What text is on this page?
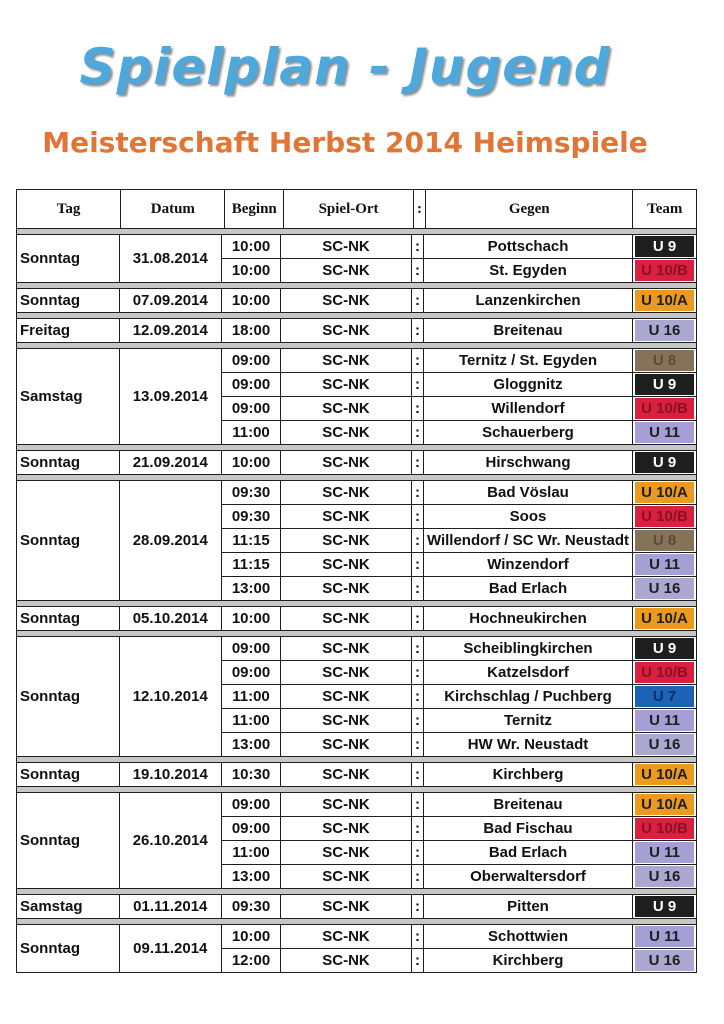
Spielplan - Jugend
Meisterschaft Herbst 2014 Heimspiele
Tag	Datum	Beginn	Spiel-Ort	:	Gegen	Team
Sonntag	31.08.2014
10:00	SC-NK	:	Pottschach	U 9
10:00	SC-NK	:	St. Egyden	U 10/B
Sonntag	07.09.2014	10:00	SC-NK	:	Lanzenkirchen	U 10/A
Freitag	12.09.2014	18:00	SC-NK	:	Breitenau	U 16
Samstag	13.09.2014
09:00	SC-NK	:	Ternitz / St. Egyden	U 8
09:00	SC-NK	:	Gloggnitz	U 9
09:00	SC-NK	:	Willendorf	U 10/B
11:00	SC-NK	:	Schauerberg	U 11
Sonntag	21.09.2014	10:00	SC-NK	:	Hirschwang	U 9
Sonntag	28.09.2014
09:30	SC-NK	:	Bad Vöslau	U 10/A
09:30	SC-NK	:	Soos	U 10/B
11:15	SC-NK	: Willendorf / SC Wr. Neustadt	U 8
11:15	SC-NK	:	Winzendorf	U 11
13:00	SC-NK	:	Bad Erlach	U 16
Sonntag	05.10.2014	10:00	SC-NK	:	Hochneukirchen	U 10/A
Sonntag	12.10.2014
09:00	SC-NK	:	Scheiblingkirchen	U 9
09:00	SC-NK	:	Katzelsdorf	U 10/B
11:00	SC-NK	:	Kirchschlag / Puchberg	U 7
11:00	SC-NK	:	Ternitz	U 11
13:00	SC-NK	:	HW Wr. Neustadt	U 16
Sonntag	19.10.2014	10:30	SC-NK	:	Kirchberg	U 10/A
Sonntag	26.10.2014
09:00	SC-NK	:	Breitenau	U 10/A
09:00	SC-NK	:	Bad Fischau	U 10/B
11:00	SC-NK	:	Bad Erlach	U 11
13:00	SC-NK	:	Oberwaltersdorf	U 16
Samstag	01.11.2014	09:30	SC-NK	:	Pitten	U 9
Sonntag	09.11.2014
10:00	SC-NK	:	Schottwien	U 11
12:00	SC-NK	:	Kirchberg	U 16
